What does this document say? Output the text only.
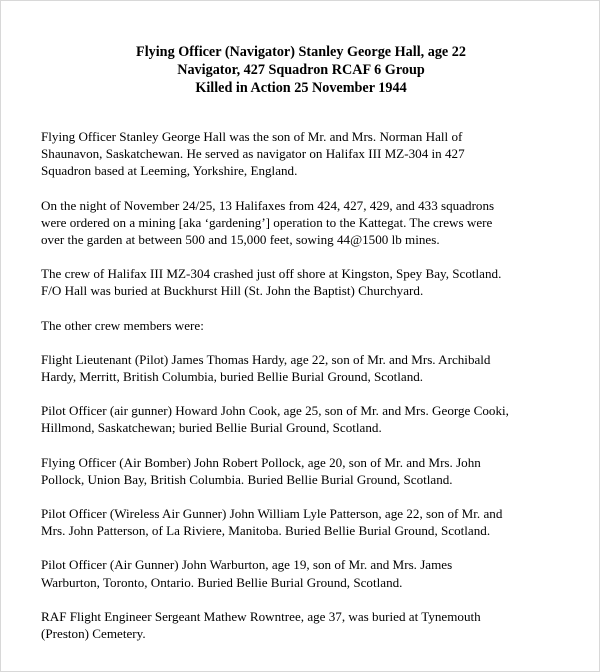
Flying Officer (Navigator) Stanley George Hall, age 22
Navigator, 427 Squadron RCAF 6 Group
Killed in Action 25 November 1944

Flying Officer Stanley George Hall was the son of Mr. and Mrs. Norman Hall of
Shaunavon, Saskatchewan. He served as navigator on Halifax III MZ-304 in 427
Squadron based at Leeming, Yorkshire, England.

On the night of November 24/25, 13 Halifaxes from 424, 427, 429, and 433 squadrons
were ordered on a mining [aka ‘gardening’] operation to the Kattegat. The crews were
over the garden at between 500 and 15,000 feet, sowing 44@1500 lb mines.

The crew of Halifax III MZ-304 crashed just off shore at Kingston, Spey Bay, Scotland.
F/O Hall was buried at Buckhurst Hill (St. John the Baptist) Churchyard.

The other crew members were:

Flight Lieutenant (Pilot) James Thomas Hardy, age 22, son of Mr. and Mrs. Archibald
Hardy, Merritt, British Columbia, buried Bellie Burial Ground, Scotland.

Pilot Officer (air gunner) Howard John Cook, age 25, son of Mr. and Mrs. George Cooki,
Hillmond, Saskatchewan; buried Bellie Burial Ground, Scotland.

Flying Officer (Air Bomber) John Robert Pollock, age 20, son of Mr. and Mrs. John
Pollock, Union Bay, British Columbia. Buried Bellie Burial Ground, Scotland.

Pilot Officer (Wireless Air Gunner) John William Lyle Patterson, age 22, son of Mr. and
Mrs. John Patterson, of La Riviere, Manitoba. Buried Bellie Burial Ground, Scotland.

Pilot Officer (Air Gunner) John Warburton, age 19, son of Mr. and Mrs. James
Warburton, Toronto, Ontario. Buried Bellie Burial Ground, Scotland.

RAF Flight Engineer Sergeant Mathew Rowntree, age 37, was buried at Tynemouth
(Preston) Cemetery.
